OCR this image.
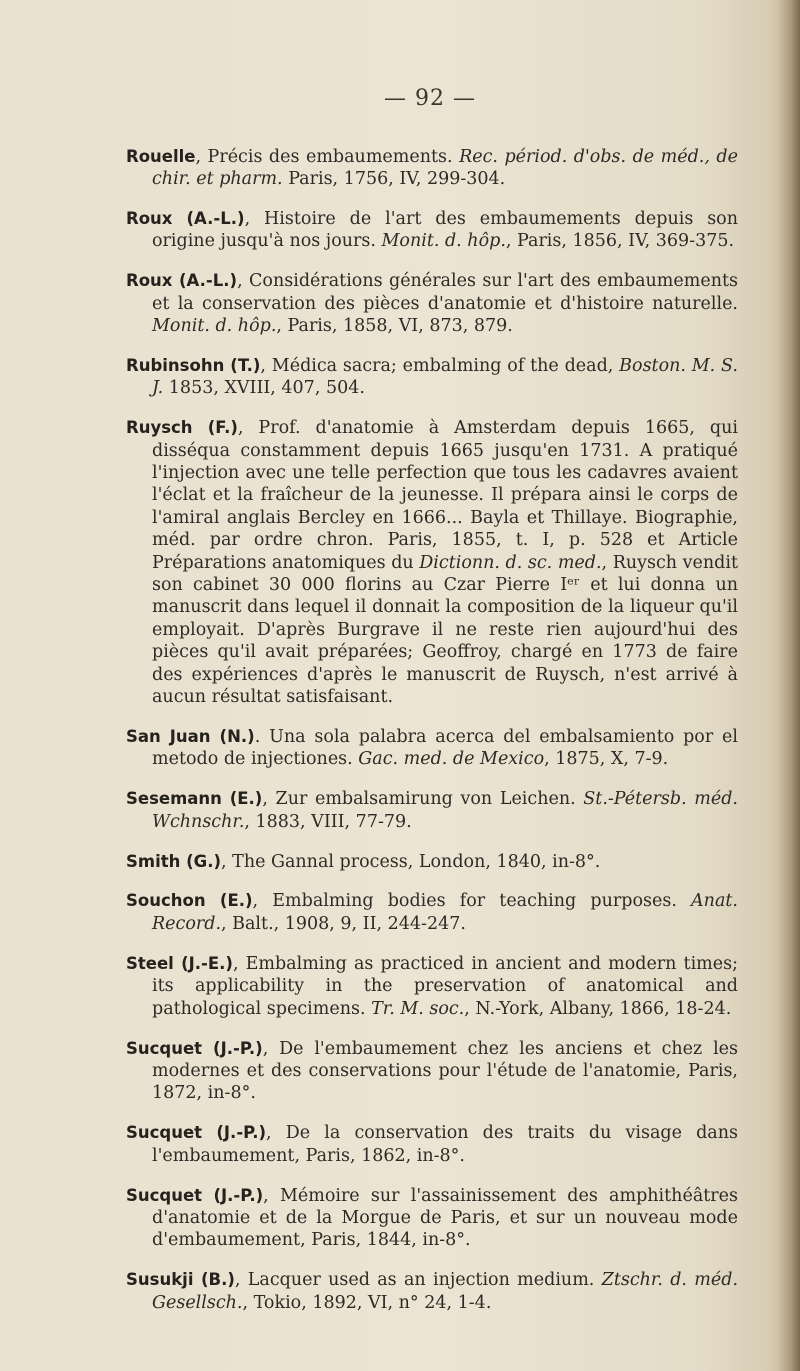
— 92 —

Rouelle, Précis des embaumements. Rec. périod. d'obs. de méd., de chir. et pharm. Paris, 1756, IV, 299-304.

Roux (A.-L.), Histoire de l'art des embaumements depuis son origine jusqu'à nos jours. Monit. d. hôp., Paris, 1856, IV, 369-375.

Roux (A.-L.), Considérations générales sur l'art des embaumements et la conservation des pièces d'anatomie et d'histoire naturelle. Monit. d. hôp., Paris, 1858, VI, 873, 879.

Rubinsohn (T.), Médica sacra; embalming of the dead, Boston. M. S. J. 1853, XVIII, 407, 504.

Ruysch (F.), Prof. d'anatomie à Amsterdam depuis 1665, qui disséqua constamment depuis 1665 jusqu'en 1731. A pratiqué l'injection avec une telle perfection que tous les cadavres avaient l'éclat et la fraîcheur de la jeunesse. Il prépara ainsi le corps de l'amiral anglais Bercley en 1666... Bayla et Thillaye. Biographie, méd. par ordre chron. Paris, 1855, t. I, p. 528 et Article Préparations anatomiques du Dictionn. d. sc. med., Ruysch vendit son cabinet 30 000 florins au Czar Pierre Iᵉʳ et lui donna un manuscrit dans lequel il donnait la composition de la liqueur qu'il employait. D'après Burgrave il ne reste rien aujourd'hui des pièces qu'il avait préparées; Geoffroy, chargé en 1773 de faire des expériences d'après le manuscrit de Ruysch, n'est arrivé à aucun résultat satisfaisant.

San Juan (N.). Una sola palabra acerca del embalsamiento por el metodo de injectiones. Gac. med. de Mexico, 1875, X, 7-9.

Sesemann (E.), Zur embalsamirung von Leichen. St.-Pétersb. méd. Wchnschr., 1883, VIII, 77-79.

Smith (G.), The Gannal process, London, 1840, in-8°.

Souchon (E.), Embalming bodies for teaching purposes. Anat. Record., Balt., 1908, 9, II, 244-247.

Steel (J.-E.), Embalming as practiced in ancient and modern times; its applicability in the preservation of anatomical and pathological specimens. Tr. M. soc., N.-York, Albany, 1866, 18-24.

Sucquet (J.-P.), De l'embaumement chez les anciens et chez les modernes et des conservations pour l'étude de l'anatomie, Paris, 1872, in-8°.

Sucquet (J.-P.), De la conservation des traits du visage dans l'embaumement, Paris, 1862, in-8°.

Sucquet (J.-P.), Mémoire sur l'assainissement des amphithéâtres d'anatomie et de la Morgue de Paris, et sur un nouveau mode d'embaumement, Paris, 1844, in-8°.

Susukji (B.), Lacquer used as an injection medium. Ztschr. d. méd. Gesellsch., Tokio, 1892, VI, n° 24, 1-4.
